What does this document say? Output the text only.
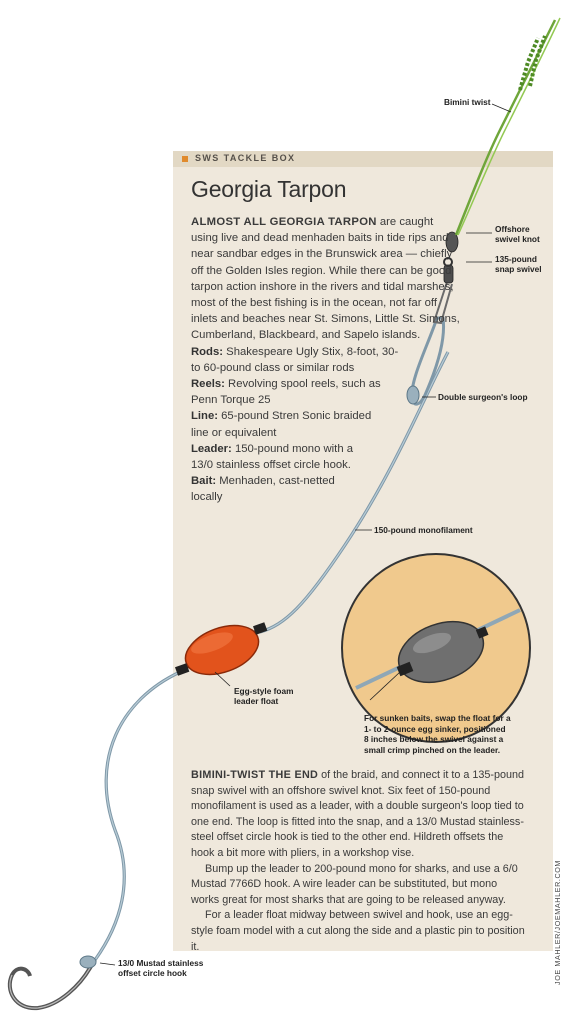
SWS TACKLE BOX
Georgia Tarpon

ALMOST ALL GEORGIA TARPON are caught using live and dead menhaden baits in tide rips and near sandbar edges in the Brunswick area — chiefly off the Golden Isles region. While there can be good tarpon action inshore in the rivers and tidal marshes, most of the best fishing is in the ocean, not far off inlets and beaches near St. Simons, Little St. Simons, Cumberland, Blackbeard, and Sapelo islands.

Rods: Shakespeare Ugly Stix, 8-foot, 30-
to 60-pound class or similar rods

Reels: Revolving spool reels, such as
Penn Torque 25

Line: 65-pound Stren Sonic braided
line or equivalent

Leader: 150-pound mono with a
13/0 stainless offset circle hook.

Bait: Menhaden, cast-netted
locally

Bimini twist
Offshore
swivel knot
135-pound
snap swivel
Double surgeon's loop
150-pound monofilament
Egg-style foam
leader float
For sunken baits, swap the float for a
1- to 2-ounce egg sinker, positioned
8 inches below the swivel against a
small crimp pinched on the leader.
13/0 Mustad stainless
offset circle hook

BIMINI-TWIST THE END of the braid, and connect it to a 135-pound snap swivel with an offshore swivel knot. Six feet of 150-pound monofilament is used as a leader, with a double surgeon's loop tied to one end. The loop is fitted into the snap, and a 13/0 Mustad stainless-steel offset circle hook is tied to the other end. Hildreth offsets the hook a bit more with pliers, in a workshop vise.

Bump up the leader to 200-pound mono for sharks, and use a 6/0 Mustad 7766D hook. A wire leader can be substituted, but mono works great for most sharks that are going to be released anyway.

For a leader float midway between swivel and hook, use an egg-style foam model with a cut along the side and a plastic pin to position it.	JOE MAHLER/JOEMAHLER.COM
